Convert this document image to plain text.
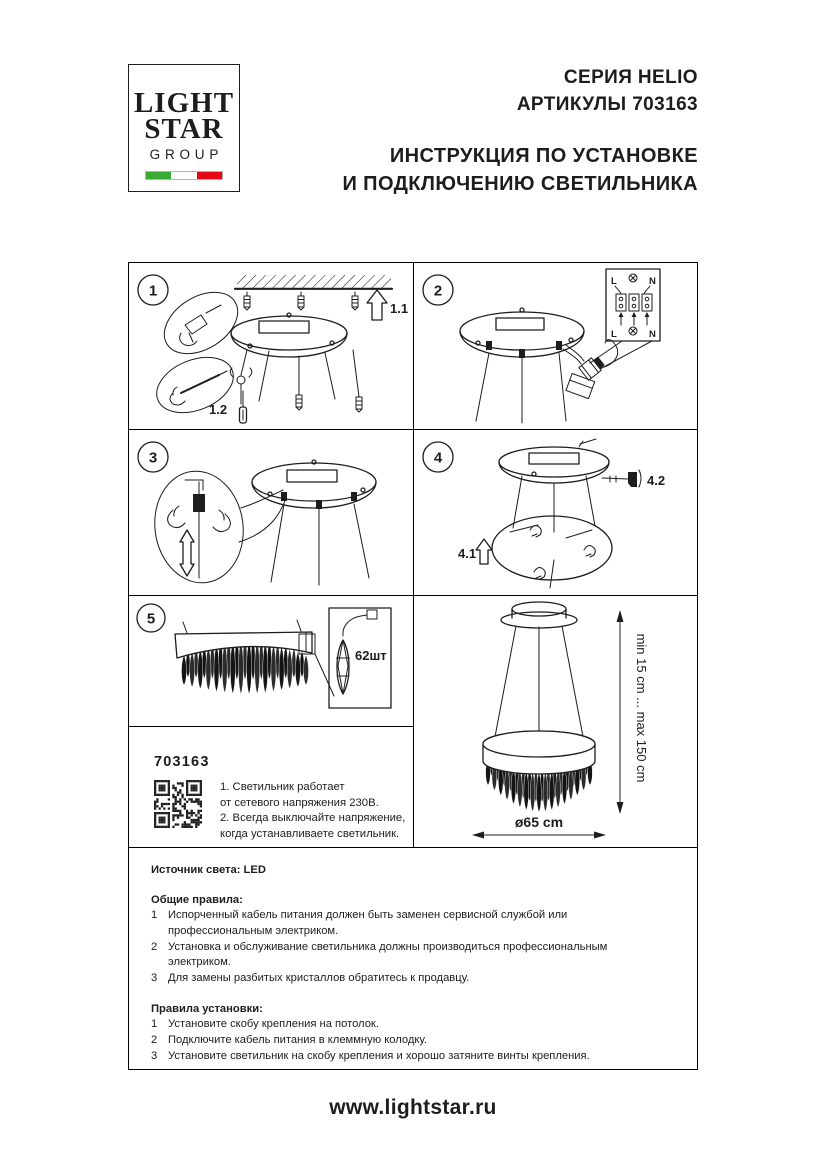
LIGHT
STAR
GROUP
СЕРИЯ HELIO
АРТИКУЛЫ 703163
ИНСТРУКЦИЯ ПО УСТАНОВКЕ
И ПОДКЛЮЧЕНИЮ СВЕТИЛЬНИКА
1
1.1
1.2
2
L	N
L	N
3	4
4.1
4.2
5
62шт
703163
1. Светильник работает
от сетевого напряжения 230В.
2. Всегда выключайте напряжение,
когда устанавливаете светильник.
min 15 cm ... max 150 cm
ø65 cm
Источник света: LED
Общие правила:
1 Испорченный кабель питания должен быть заменен сервисной службой или профессиональным электриком.
2 Установка и обслуживание светильника должны производиться профессиональным электриком.
3 Для замены разбитых кристаллов обратитесь к продавцу.
Правила установки:
1 Установите скобу крепления на потолок.
2 Подключите кабель питания в клеммную колодку.
3 Установите светильник на скобу крепления и хорошо затяните винты крепления.
www.lightstar.ru
